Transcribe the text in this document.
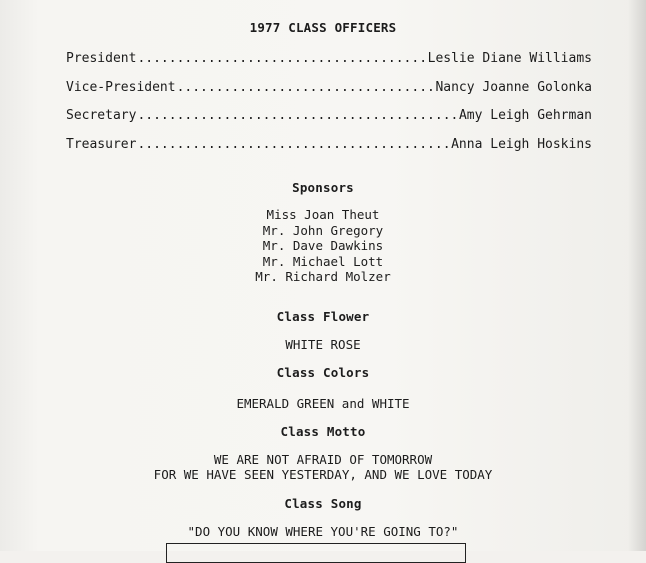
1977 CLASS OFFICERS
President .....	Leslie Diane Williams
Vice-President .....	Nancy Joanne Golonka
Secretary .....	Amy Leigh Gehrman
Treasurer .....	Anna Leigh Hoskins
Sponsors
Miss Joan Theut
Mr. John Gregory
Mr. Dave Dawkins
Mr. Michael Lott
Mr. Richard Molzer
Class Flower
WHITE ROSE
Class Colors
EMERALD GREEN and WHITE
Class Motto
WE ARE NOT AFRAID OF TOMORROW
FOR WE HAVE SEEN YESTERDAY, AND WE LOVE TODAY
Class Song
"DO YOU KNOW WHERE YOU'RE GOING TO?"
